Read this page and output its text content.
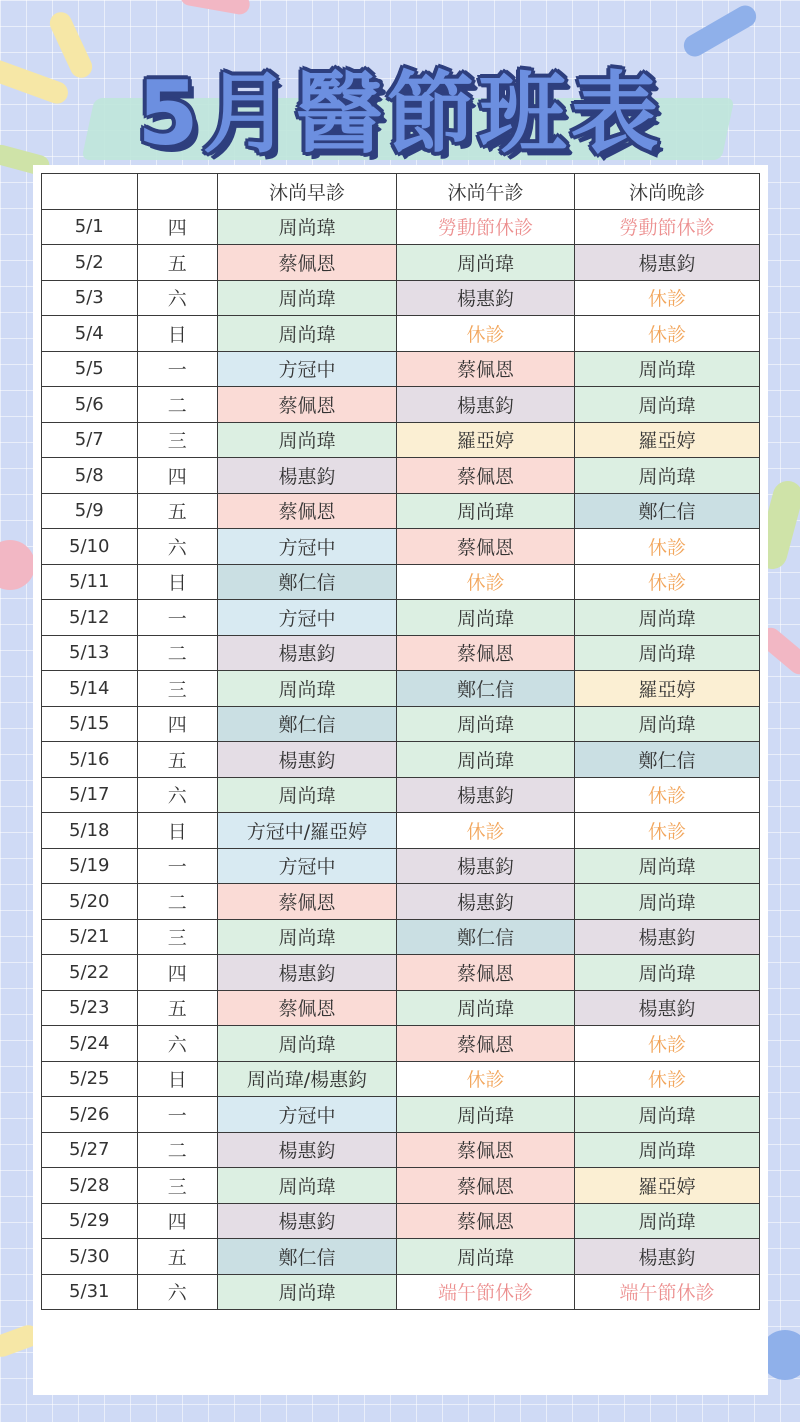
5月醫節班表
		沐尚早診	沐尚午診	沐尚晚診
5/1	四	周尚瑋	勞動節休診	勞動節休診
5/2	五	蔡佩恩	周尚瑋	楊惠鈞
5/3	六	周尚瑋	楊惠鈞	休診
5/4	日	周尚瑋	休診	休診
5/5	一	方冠中	蔡佩恩	周尚瑋
5/6	二	蔡佩恩	楊惠鈞	周尚瑋
5/7	三	周尚瑋	羅亞婷	羅亞婷
5/8	四	楊惠鈞	蔡佩恩	周尚瑋
5/9	五	蔡佩恩	周尚瑋	鄭仁信
5/10	六	方冠中	蔡佩恩	休診
5/11	日	鄭仁信	休診	休診
5/12	一	方冠中	周尚瑋	周尚瑋
5/13	二	楊惠鈞	蔡佩恩	周尚瑋
5/14	三	周尚瑋	鄭仁信	羅亞婷
5/15	四	鄭仁信	周尚瑋	周尚瑋
5/16	五	楊惠鈞	周尚瑋	鄭仁信
5/17	六	周尚瑋	楊惠鈞	休診
5/18	日	方冠中/羅亞婷	休診	休診
5/19	一	方冠中	楊惠鈞	周尚瑋
5/20	二	蔡佩恩	楊惠鈞	周尚瑋
5/21	三	周尚瑋	鄭仁信	楊惠鈞
5/22	四	楊惠鈞	蔡佩恩	周尚瑋
5/23	五	蔡佩恩	周尚瑋	楊惠鈞
5/24	六	周尚瑋	蔡佩恩	休診
5/25	日	周尚瑋/楊惠鈞	休診	休診
5/26	一	方冠中	周尚瑋	周尚瑋
5/27	二	楊惠鈞	蔡佩恩	周尚瑋
5/28	三	周尚瑋	蔡佩恩	羅亞婷
5/29	四	楊惠鈞	蔡佩恩	周尚瑋
5/30	五	鄭仁信	周尚瑋	楊惠鈞
5/31	六	周尚瑋	端午節休診	端午節休診
